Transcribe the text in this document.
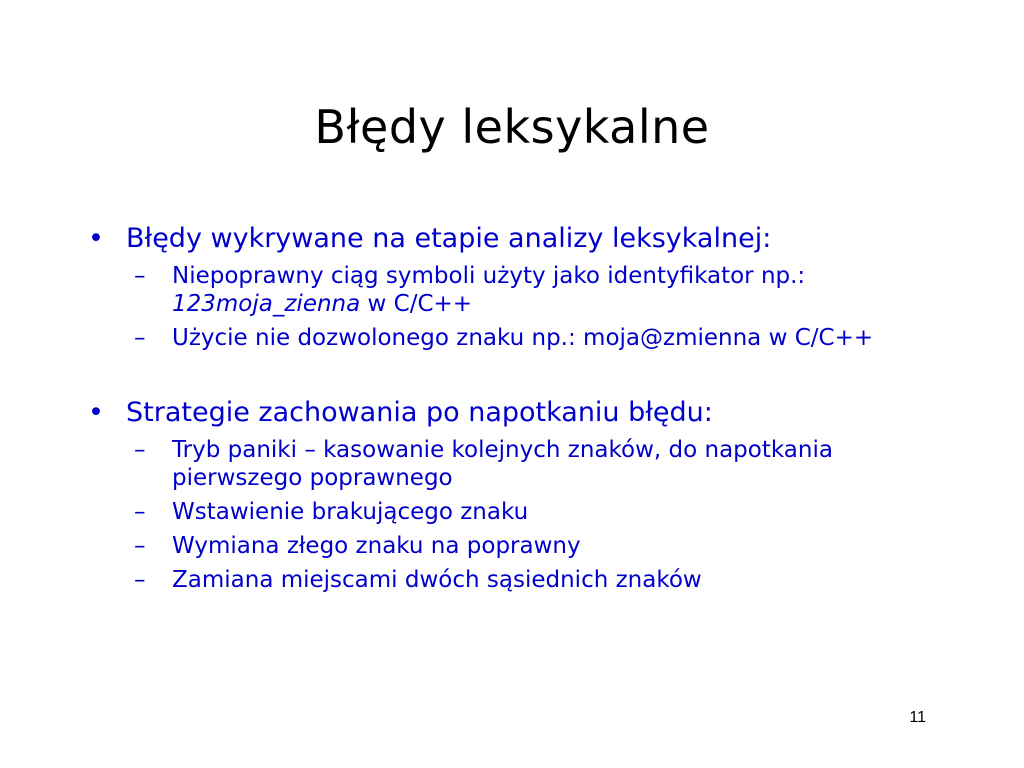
Błędy leksykalne
• Błędy wykrywane na etapie analizy leksykalnej:
– Niepoprawny ciąg symboli użyty jako identyfikator np.: 123moja_zienna w C/C++
– Użycie nie dozwolonego znaku np.: moja@zmienna w C/C++
• Strategie zachowania po napotkaniu błędu:
– Tryb paniki – kasowanie kolejnych znaków, do napotkania pierwszego poprawnego
– Wstawienie brakującego znaku
– Wymiana złego znaku na poprawny
– Zamiana miejscami dwóch sąsiednich znaków
11
